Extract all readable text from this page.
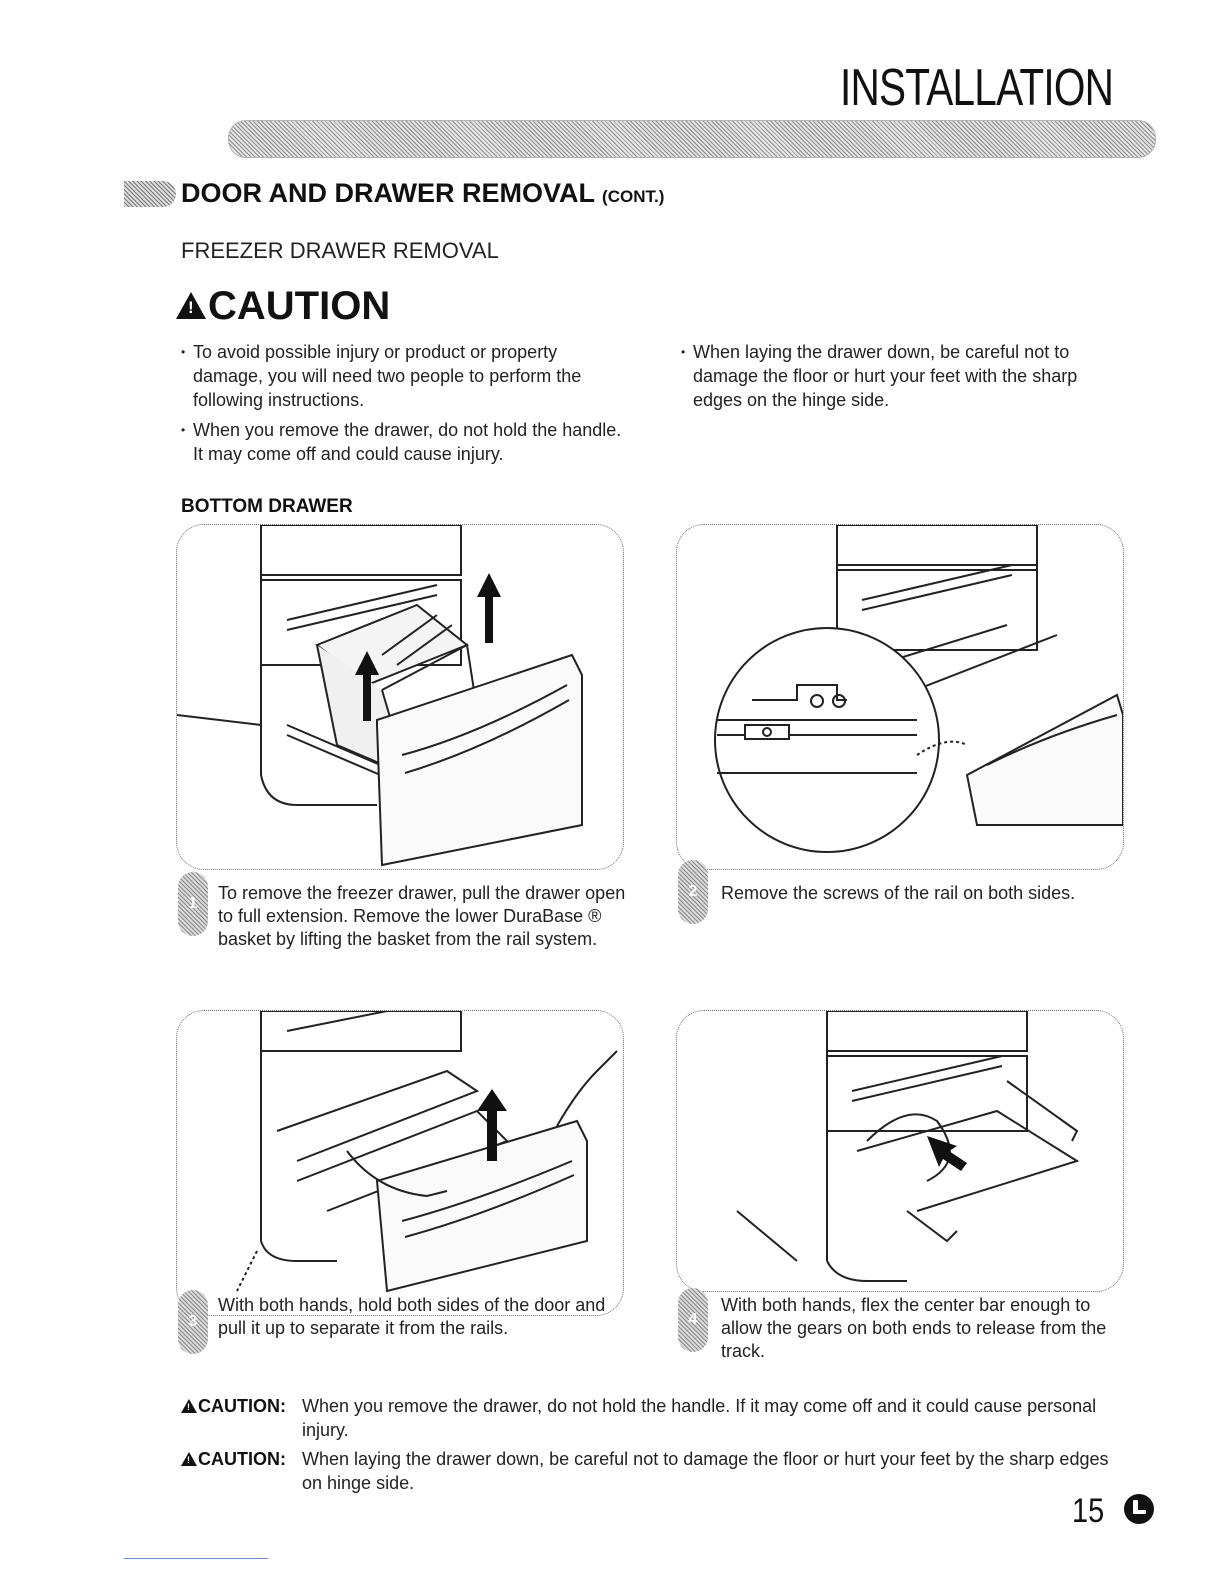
INSTALLATION
DOOR AND DRAWER REMOVAL (CONT.)
FREEZER DRAWER REMOVAL
!CAUTION
• To avoid possible injury or product or property damage, you will need two people to perform the following instructions.
• When you remove the drawer, do not hold the handle. It may come off and could cause injury.
• When laying the drawer down, be careful not to damage the floor or hurt your feet with the sharp edges on the hinge side.
BOTTOM DRAWER
1
To remove the freezer drawer, pull the drawer open to full extension. Remove the lower DuraBase ® basket by lifting the basket from the rail system.
2	Remove the screws of the rail on both sides.
3
With both hands, hold both sides of the door and pull it up to separate it from the rails.	4
With both hands, flex the center bar enough to allow the gears on both ends to release from the track.
!CAUTION: When you remove the drawer, do not hold the handle. If it may come off and it could cause personal injury.
!CAUTION: When laying the drawer down, be careful not to damage the floor or hurt your feet by the sharp edges on hinge side.
15
